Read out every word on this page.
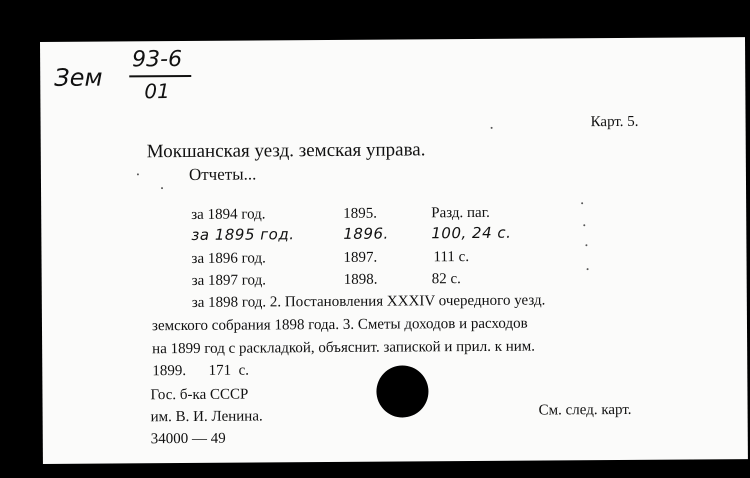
Зем
93-6
01
Карт. 5.
Мокшанская уезд. земская управа.
Отчеты...
за 1894 год.	1895.	Разд. паг.
за 1895 год.	1896.	100, 24 с.
за 1896 год.	1897.	111 с.
за 1897 год.	1898.	82 с.
за 1898 год. 2. Постановления XXXIV очередного уезд.
земского собрания 1898 года. 3. Сметы доходов и расходов
на 1899 год с раскладкой, объяснит. запиской и прил. к ним.
1899.      171  с.
Гос. б-ка СССР
им. В. И. Ленина.
34000 — 49
См. след. карт.
